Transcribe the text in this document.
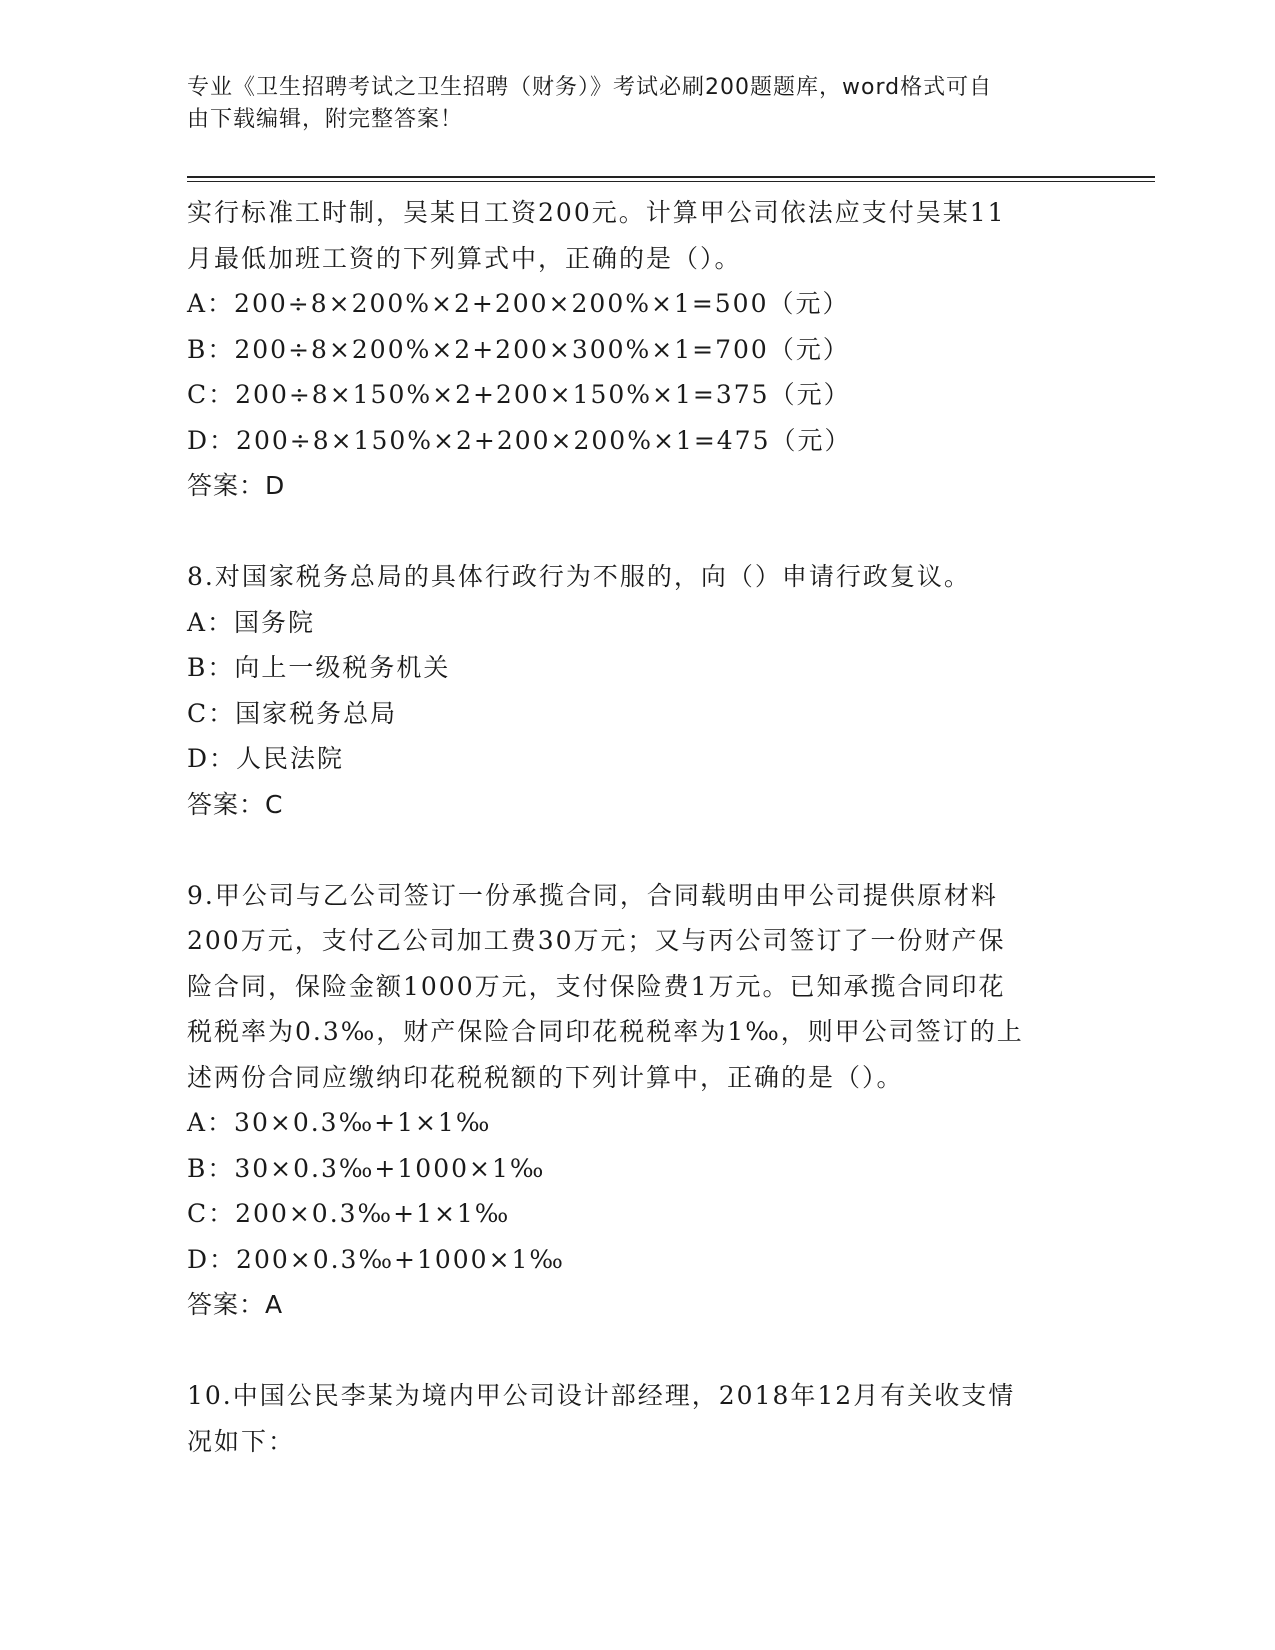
专业《卫生招聘考试之卫生招聘（财务）》考试必刷200题题库，word格式可自
由下载编辑，附完整答案！
实行标准工时制，吴某日工资200元。计算甲公司依法应支付吴某11
月最低加班工资的下列算式中，正确的是（）。
A：200÷8×200%×2+200×200%×1=500（元）
B：200÷8×200%×2+200×300%×1=700（元）
C：200÷8×150%×2+200×150%×1=375（元）
D：200÷8×150%×2+200×200%×1=475（元）
答案：D
8.对国家税务总局的具体行政行为不服的，向（）申请行政复议。
A：国务院
B：向上一级税务机关
C：国家税务总局
D：人民法院
答案：C
9.甲公司与乙公司签订一份承揽合同，合同载明由甲公司提供原材料
200万元，支付乙公司加工费30万元；又与丙公司签订了一份财产保
险合同，保险金额1000万元，支付保险费1万元。已知承揽合同印花
税税率为0.3‰，财产保险合同印花税税率为1‰，则甲公司签订的上
述两份合同应缴纳印花税税额的下列计算中，正确的是（）。
A：30×0.3‰+1×1‰
B：30×0.3‰+1000×1‰
C：200×0.3‰+1×1‰
D：200×0.3‰+1000×1‰
答案：A
10.中国公民李某为境内甲公司设计部经理，2018年12月有关收支情
况如下：
